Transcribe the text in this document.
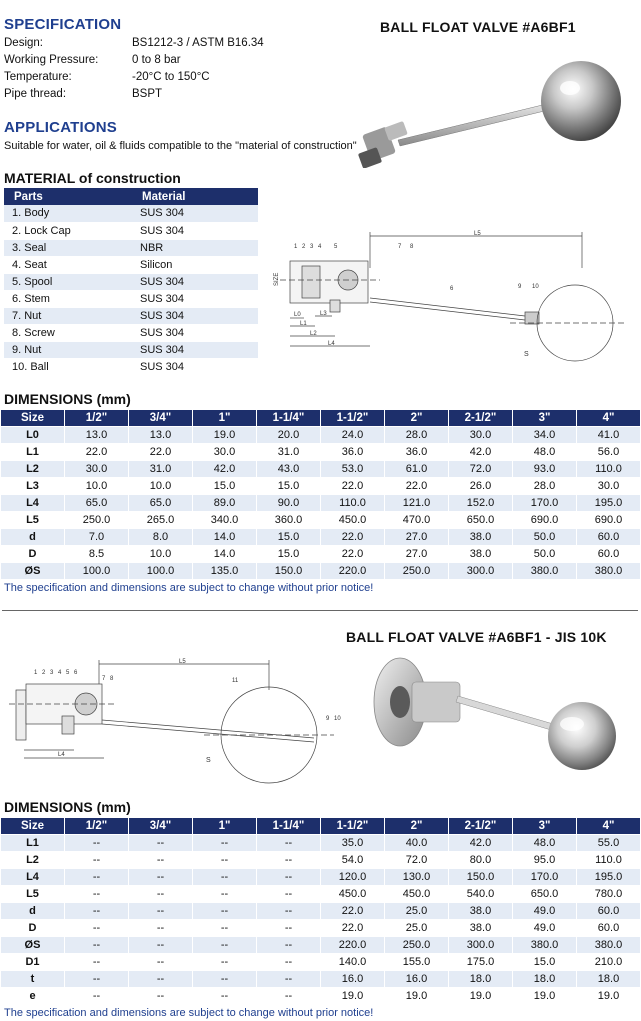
SPECIFICATION
Design:	BS1212-3 / ASTM B16.34
Working Pressure:	0 to 8 bar
Temperature:	-20°C to 150°C
Pipe thread:	BSPT
BALL FLOAT VALVE #A6BF1
APPLICATIONS
Suitable for water, oil & fluids compatible to the "material of construction"
MATERIAL of construction
Parts	Material
1. Body	SUS 304
2. Lock Cap	SUS 304
3. Seal	NBR
4. Seat	Silicon
5. Spool	SUS 304
6. Stem	SUS 304
7. Nut	SUS 304
8. Screw	SUS 304
9. Nut	SUS 304
10. Ball	SUS 304
L5
SIZE
L0
L1
L2
L3
L4
S
1 2 3 4 5
6
7 8
9 10
DIMENSIONS (mm)
Size	1/2"	3/4"	1"	1-1/4"	1-1/2"	2"	2-1/2"	3"	4"
L0	13.0	13.0	19.0	20.0	24.0	28.0	30.0	34.0	41.0
L1	22.0	22.0	30.0	31.0	36.0	36.0	42.0	48.0	56.0
L2	30.0	31.0	42.0	43.0	53.0	61.0	72.0	93.0	110.0
L3	10.0	10.0	15.0	15.0	22.0	22.0	26.0	28.0	30.0
L4	65.0	65.0	89.0	90.0	110.0	121.0	152.0	170.0	195.0
L5	250.0	265.0	340.0	360.0	450.0	470.0	650.0	690.0	690.0
d	7.0	8.0	14.0	15.0	22.0	27.0	38.0	50.0	60.0
D	8.5	10.0	14.0	15.0	22.0	27.0	38.0	50.0	60.0
ØS	100.0	100.0	135.0	150.0	220.0	250.0	300.0	380.0	380.0
The specification and dimensions are subject to change without prior notice!
BALL FLOAT VALVE #A6BF1 - JIS 10K
L5
L4
S
1 2 3 4 5 6
7 8
9 10
11
DIMENSIONS (mm)
Size	1/2"	3/4"	1"	1-1/4"	1-1/2"	2"	2-1/2"	3"	4"
L1	--	--	--	--	35.0	40.0	42.0	48.0	55.0
L2	--	--	--	--	54.0	72.0	80.0	95.0	110.0
L4	--	--	--	--	120.0	130.0	150.0	170.0	195.0
L5	--	--	--	--	450.0	450.0	540.0	650.0	780.0
d	--	--	--	--	22.0	25.0	38.0	49.0	60.0
D	--	--	--	--	22.0	25.0	38.0	49.0	60.0
ØS	--	--	--	--	220.0	250.0	300.0	380.0	380.0
D1	--	--	--	--	140.0	155.0	175.0	15.0	210.0
t	--	--	--	--	16.0	16.0	18.0	18.0	18.0
e	--	--	--	--	19.0	19.0	19.0	19.0	19.0
The specification and dimensions are subject to change without prior notice!
